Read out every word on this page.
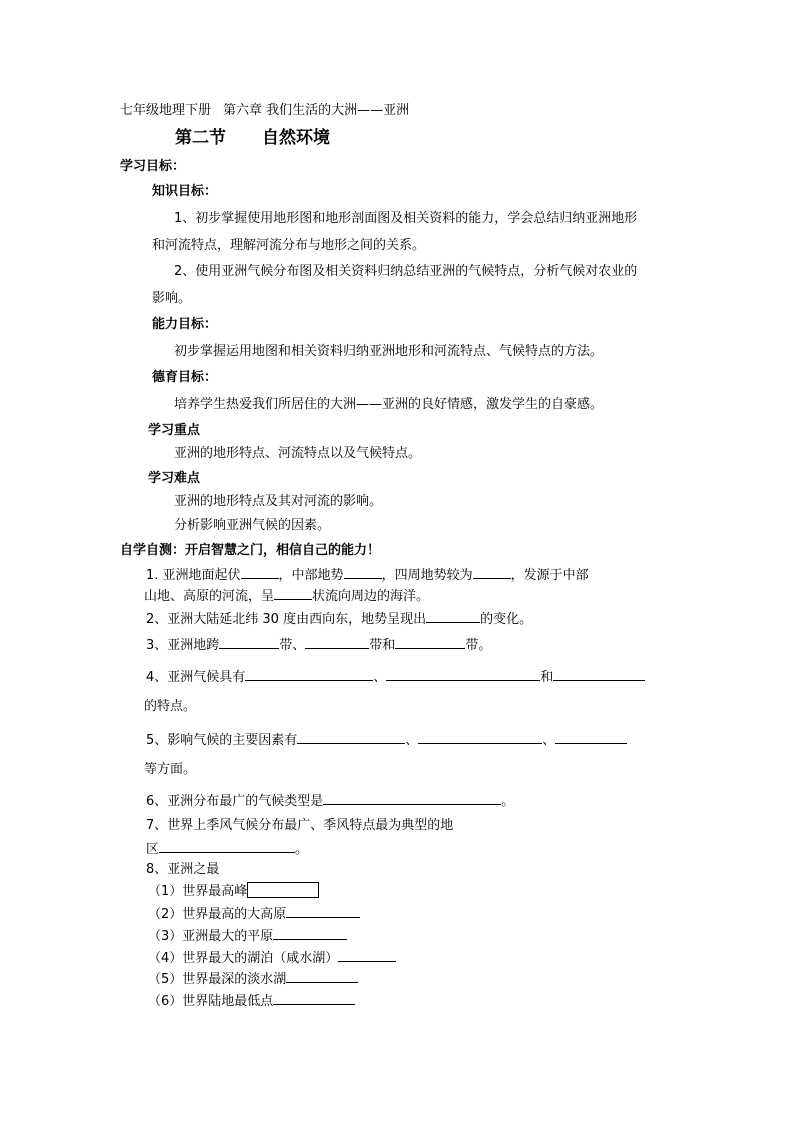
七年级地理下册 第六章 我们生活的大洲——亚洲
第二节 自然环境
学习目标：
知识目标：
1、初步掌握使用地形图和地形剖面图及相关资料的能力，学会总结归纳亚洲地形
和河流特点，理解河流分布与地形之间的关系。
2、使用亚洲气候分布图及相关资料归纳总结亚洲的气候特点，分析气候对农业的
影响。
能力目标：
初步掌握运用地图和相关资料归纳亚洲地形和河流特点、气候特点的方法。
德育目标：
培养学生热爱我们所居住的大洲——亚洲的良好情感，激发学生的自豪感。
学习重点
亚洲的地形特点、河流特点以及气候特点。
学习难点
亚洲的地形特点及其对河流的影响。
分析影响亚洲气候的因素。
自学自测：开启智慧之门，相信自己的能力！
1. 亚洲地面起伏	，中部地势	，四周地势较为	，发源于中部
山地、高原的河流，呈	状流向周边的海洋。
2、亚洲大陆延北纬 30 度由西向东，地势呈现出	的变化。
3、亚洲地跨	带、	带和	带。
4、亚洲气候具有	、	和
的特点。
5、影响气候的主要因素有	、	、
等方面。
6、亚洲分布最广的气候类型是	。
7、世界上季风气候分布最广、季风特点最为典型的地
区	。
8、亚洲之最
（1）世界最高峰
（2）世界最高的大高原
（3）亚洲最大的平原
（4）世界最大的湖泊（咸水湖）
（5）世界最深的淡水湖
（6）世界陆地最低点
